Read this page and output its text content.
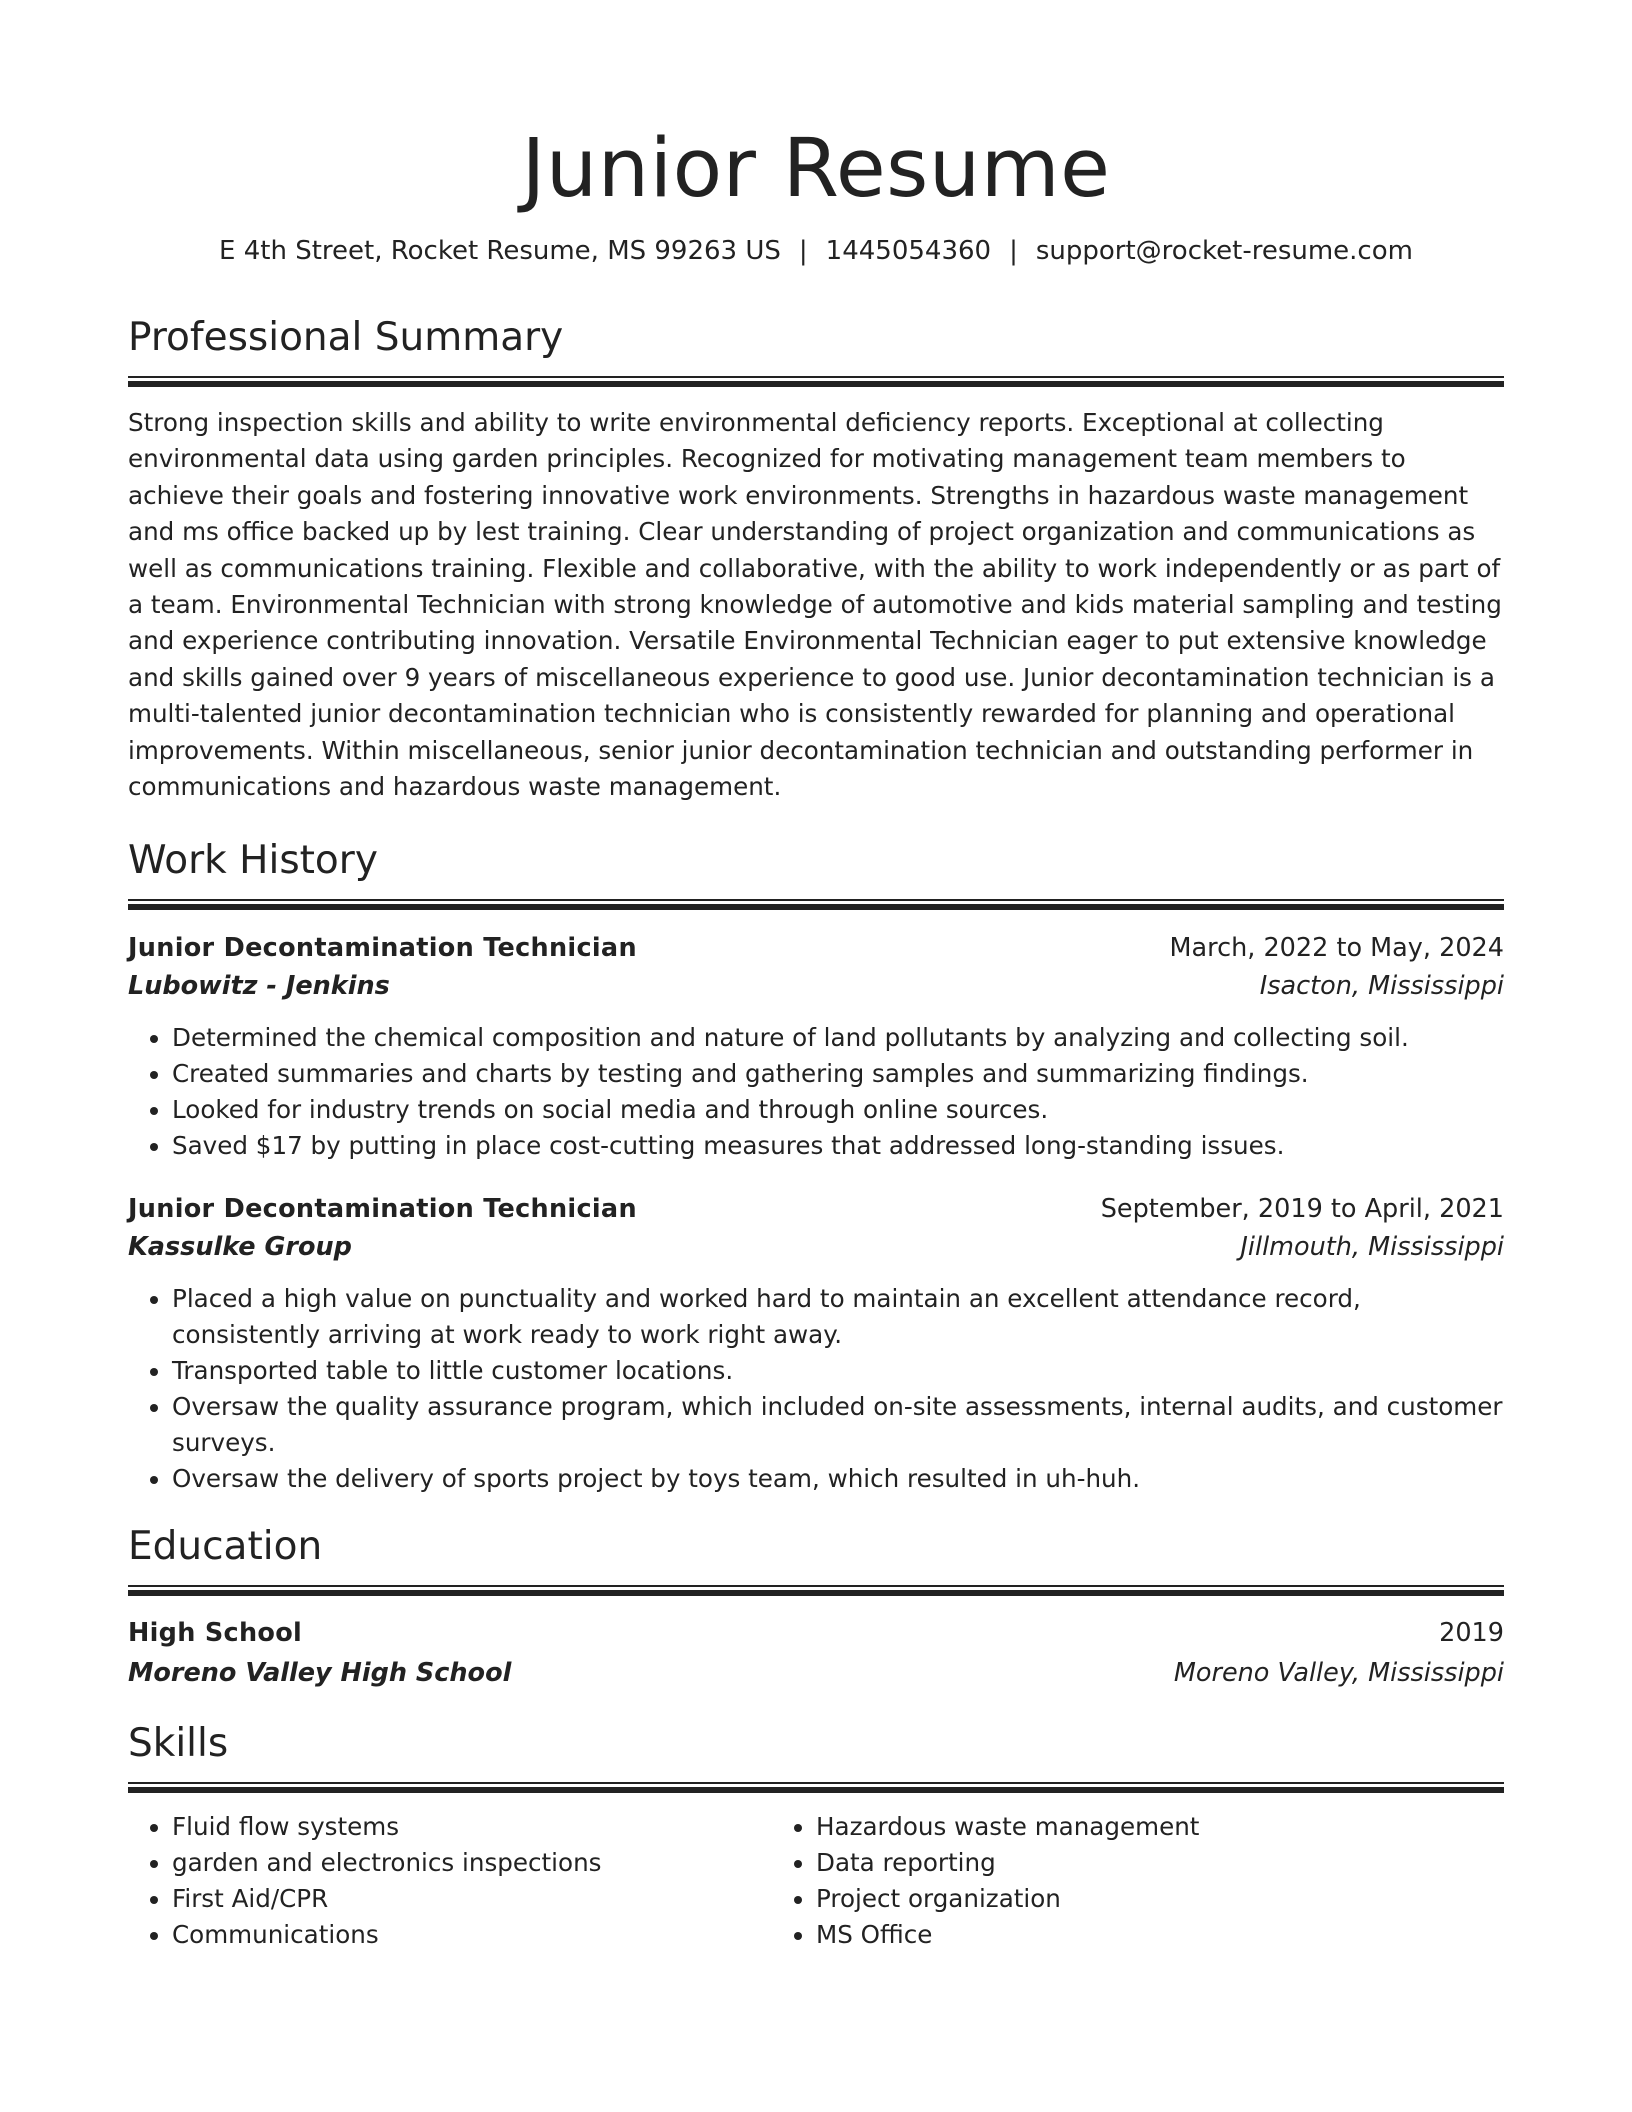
Junior Resume
E 4th Street, Rocket Resume, MS 99263 US | 1445054360 | support@rocket-resume.com
Professional Summary

Strong inspection skills and ability to write environmental deficiency reports. Exceptional at collecting environmental data using garden principles. Recognized for motivating management team members to achieve their goals and fostering innovative work environments. Strengths in hazardous waste management and ms office backed up by lest training. Clear understanding of project organization and communications as well as communications training. Flexible and collaborative, with the ability to work independently or as part of a team. Environmental Technician with strong knowledge of automotive and kids material sampling and testing and experience contributing innovation. Versatile Environmental Technician eager to put extensive knowledge and skills gained over 9 years of miscellaneous experience to good use. Junior decontamination technician is a multi-talented junior decontamination technician who is consistently rewarded for planning and operational improvements. Within miscellaneous, senior junior decontamination technician and outstanding performer in communications and hazardous waste management.

Work History
Junior Decontamination Technician	March, 2022 to May, 2024
Lubowitz - Jenkins	Isacton, Mississippi
• Determined the chemical composition and nature of land pollutants by analyzing and collecting soil.
• Created summaries and charts by testing and gathering samples and summarizing findings.
• Looked for industry trends on social media and through online sources.
• Saved $17 by putting in place cost-cutting measures that addressed long-standing issues.
Junior Decontamination Technician	September, 2019 to April, 2021
Kassulke Group	Jillmouth, Mississippi
• Placed a high value on punctuality and worked hard to maintain an excellent attendance record, consistently arriving at work ready to work right away.
• Transported table to little customer locations.
• Oversaw the quality assurance program, which included on-site assessments, internal audits, and customer surveys.
• Oversaw the delivery of sports project by toys team, which resulted in uh-huh.
Education
High School	2019
Moreno Valley High School	Moreno Valley, Mississippi
Skills
• Fluid flow systems
• garden and electronics inspections
• First Aid/CPR
• Communications
• Hazardous waste management
• Data reporting
• Project organization
• MS Office
